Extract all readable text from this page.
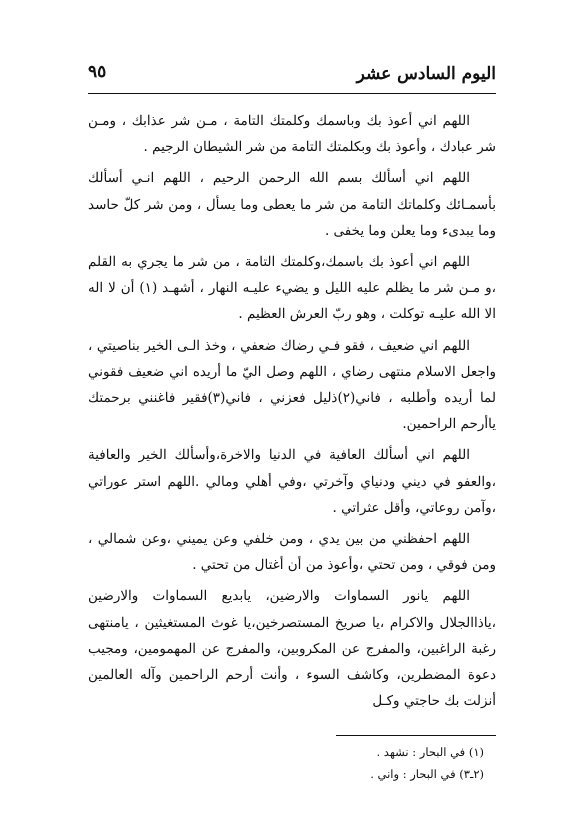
اليوم السادس عشر
٩٥

اللهم اني أعوذ بك وباسمك وكلمتك التامة ، مـن شر عذابك ، ومـن شر عبادك ، وأعوذ بك وبكلمتك التامة من شر الشيطان الرجيم .

اللهم اني أسألك بسم الله الرحمن الرحيم ، اللهم انـي أسألك بأسمـائك وكلماتك التامة من شر ما يعطى وما يسأل ، ومن شر كلّ حاسد وما يبدىء وما يعلن وما يخفى .

اللهم اني أعوذ بك باسمك،وكلمتك التامة ، من شر ما يجري به القلم ،و مـن شر ما يظلم عليه الليل و يضيء عليـه النهار ، أشهـد (١) أن لا اله الا الله عليـه توكلت ، وهو ربّ العرش العظيم .

اللهم اني ضعيف ، فقو فـي رضاك ضعفي ، وخذ الـى الخير بناصيتي ، واجعل الاسلام منتهى رضاي ، اللهم وصل اليّ ما أريده اني ضعيف فقوني لما أريده وأطلبه ، فاني(٢)ذليل فعزني ، فاني(٣)فقير فاغنني برحمتك ياأرحم الراحمين.

اللهم اني أسألك العافية في الدنيا والاخرة،وأسألك الخير والعافية ،والعفو في ديني ودنياي وآخرتي ،وفي أهلي ومالي .اللهم استر عوراتي ،وآمن روعاتي، وأقل عثراتي .

اللهم احفظني من بين يدي ، ومن خلفي وعن يميني ،وعن شمالي ، ومن فوقي ، ومن تحتي ،وأعوذ من أن أغتال من تحتي .

اللهم يانور السماوات والارضين، يابديع السماوات والارضين ،ياذاالجلال والاكرام ،يا صريخ المستصرخين،يا غوث المستغيثين ، يامنتهى رغبة الراغبين، والمفرج عن المكروبين، والمفرج عن المهمومين، ومجيب دعوة المضطرين، وكاشف السوء ، وأنت أرحم الراحمين وآله العالمين أنزلت بك حاجتي وكـل

(١) في البحار : نشهد .

(٢ـ٣) في البحار : واني .
